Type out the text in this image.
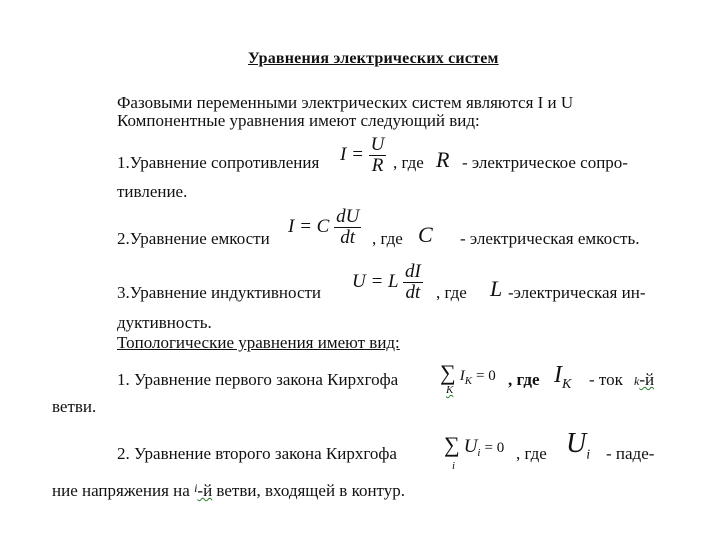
Уравнения электрических систем
Фазовыми переменными электрических систем являются I и U
Компонентные уравнения имеют следующий вид:
1.Уравнение сопротивления $I = \frac{U}{R}$ , где R - электрическое сопро-
тивление.
2.Уравнение емкости
I = C $\frac{dU}{dt}$ , где C - электрическая емкость.
3.Уравнение индуктивности
U = L $\frac{dI}{dt}$ , где L -электрическая ин-
дуктивность.
Топологические уравнения имеют вид:
1. Уравнение первого закона Кирхгофа ∑ $I_K = 0$
K
, где $I_K$ - ток k-й
ветви.
2. Уравнение второго закона Кирхгофа ∑ $U_i = 0$
i
, где $U_i$ - паде-
ние напряжения на $^i$-й ветви, входящей в контур.
